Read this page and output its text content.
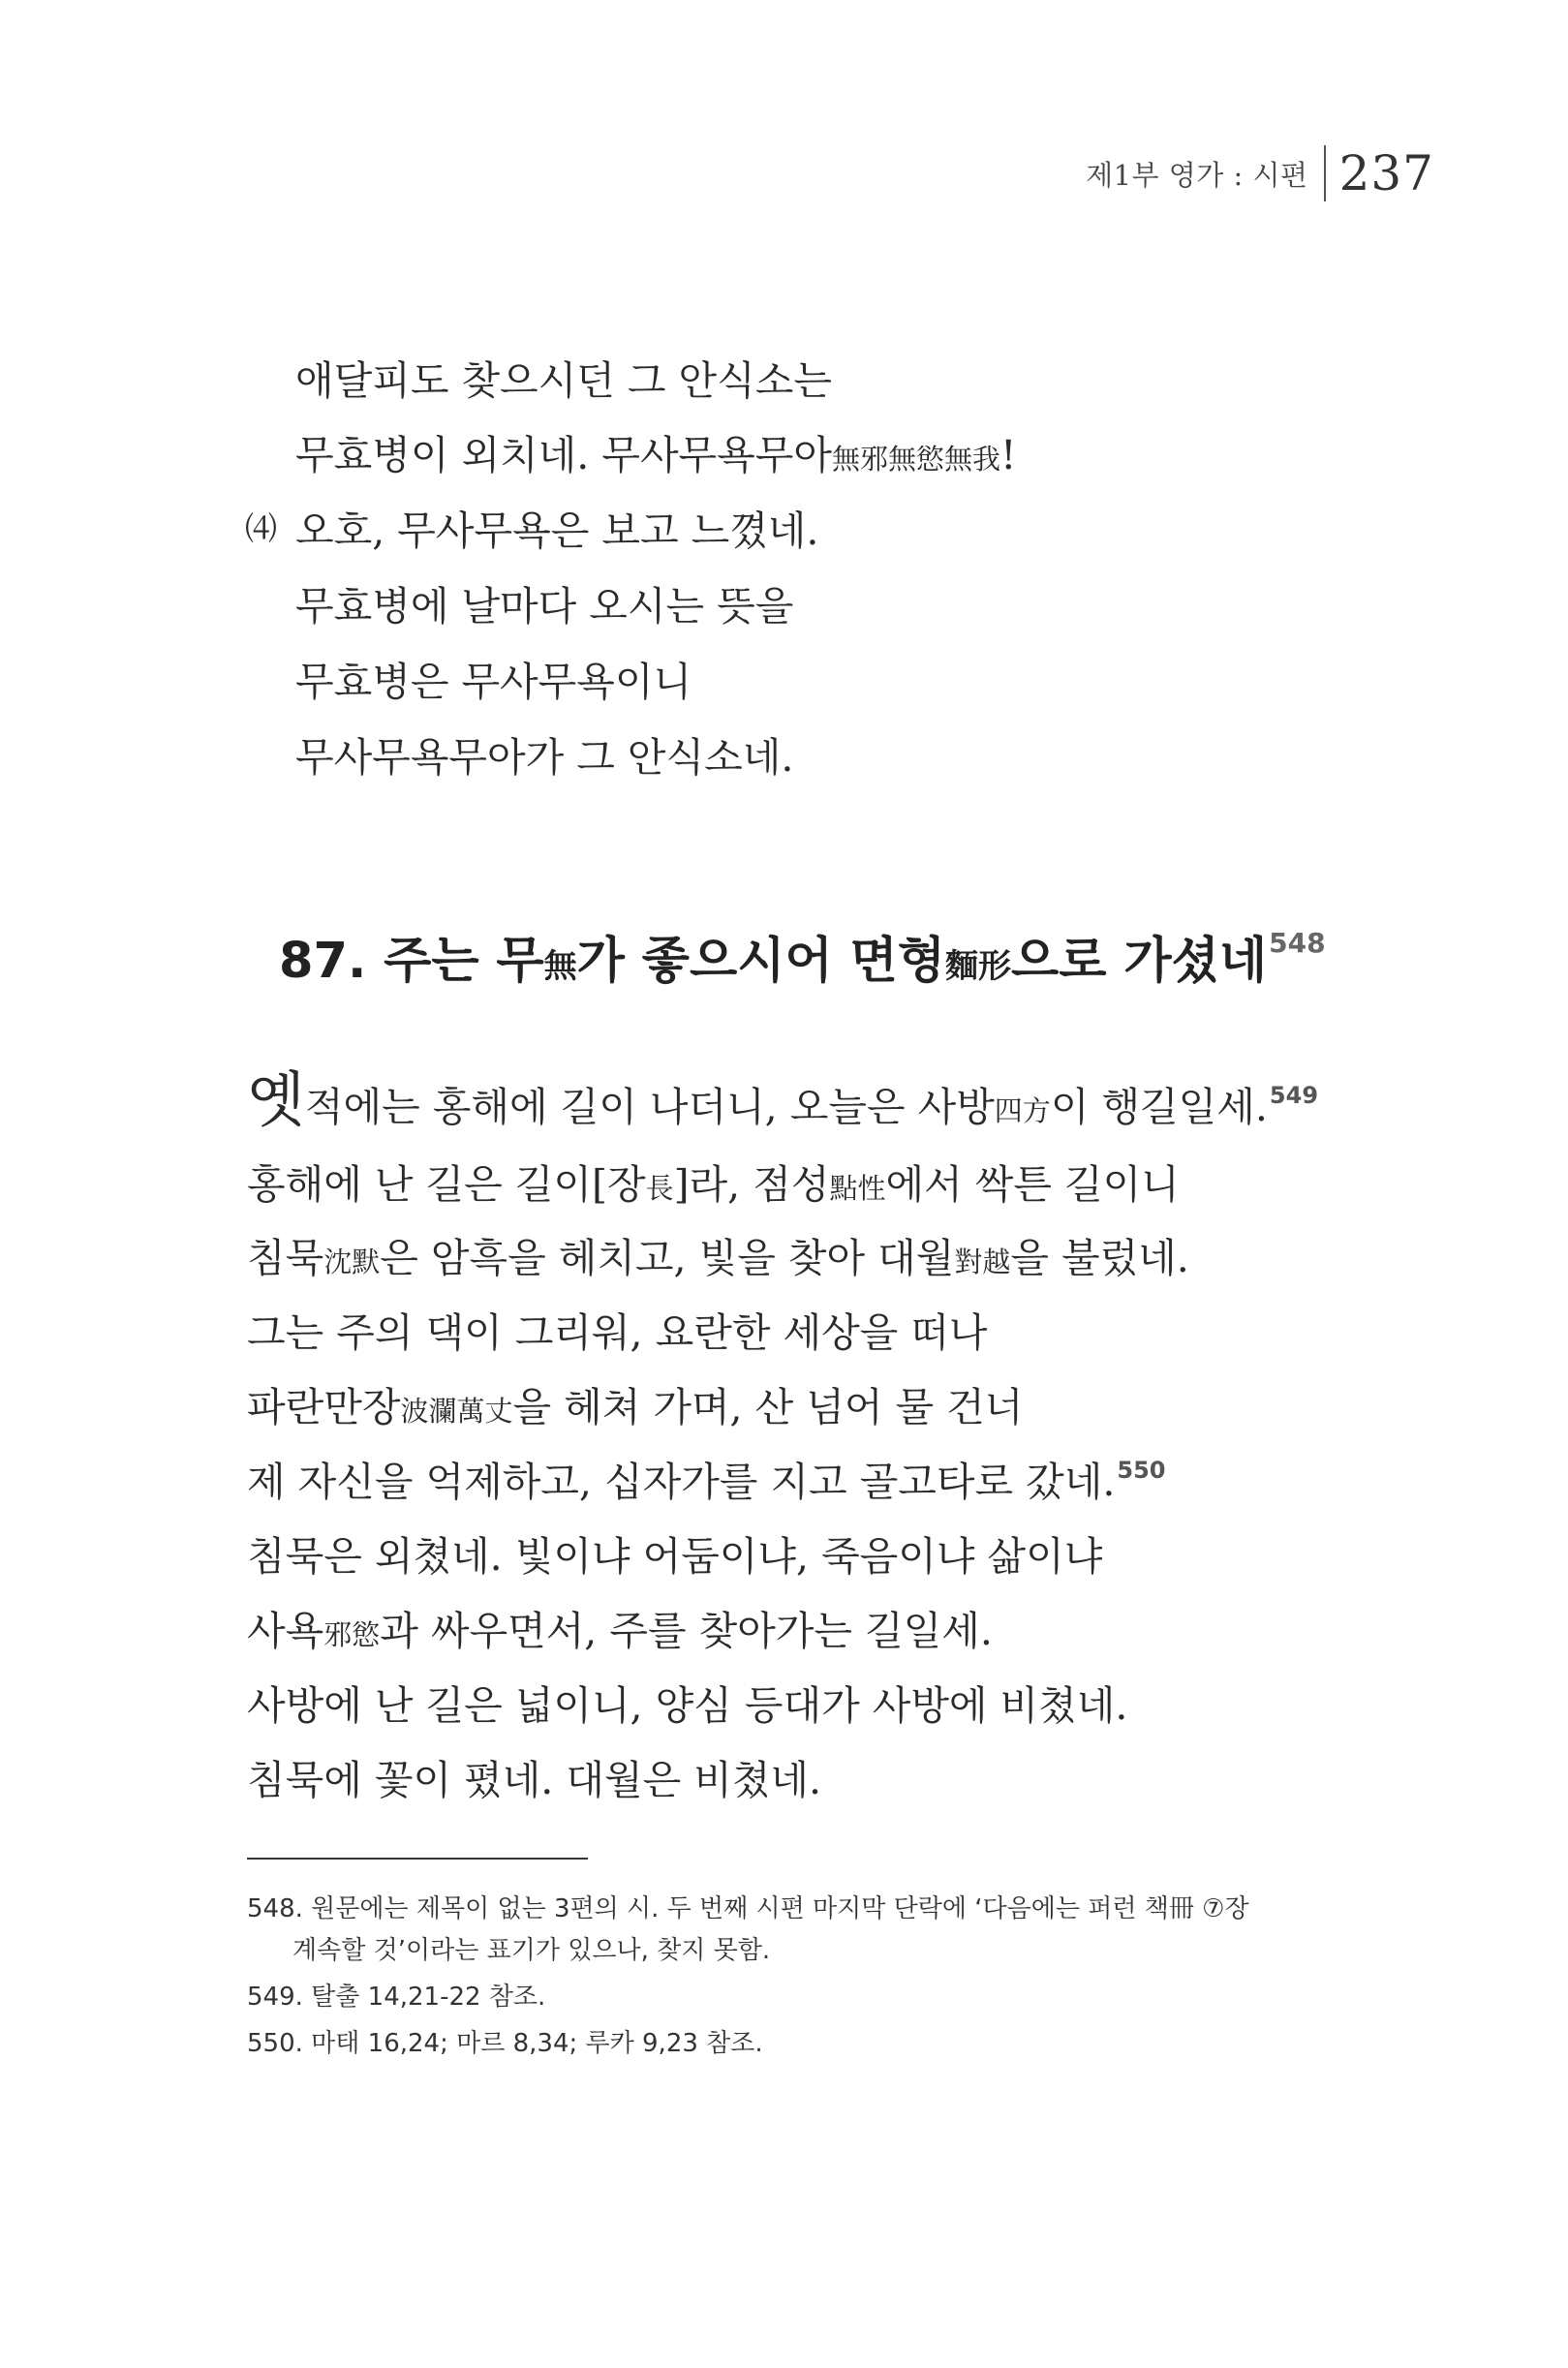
제1부 영가 : 시편 237
애달피도 찾으시던 그 안식소는
무효병이 외치네. 무사무욕무아無邪無慾無我!
⑷ 오호, 무사무욕은 보고 느꼈네.
무효병에 날마다 오시는 뜻을
무효병은 무사무욕이니
무사무욕무아가 그 안식소네.
87. 주는 무無가 좋으시어 면형麵形으로 가셨네$^{548}$
옛적에는 홍해에 길이 나더니, 오늘은 사방四方이 행길일세.$^{549}$
홍해에 난 길은 길이[장長]라, 점성點性에서 싹튼 길이니
침묵沈默은 암흑을 헤치고, 빛을 찾아 대월對越을 불렀네.
그는 주의 댁이 그리워, 요란한 세상을 떠나
파란만장波瀾萬丈을 헤쳐 가며, 산 넘어 물 건너
제 자신을 억제하고, 십자가를 지고 골고타로 갔네.$^{550}$
침묵은 외쳤네. 빛이냐 어둠이냐, 죽음이냐 삶이냐
사욕邪慾과 싸우면서, 주를 찾아가는 길일세.
사방에 난 길은 넓이니, 양심 등대가 사방에 비쳤네.
침묵에 꽃이 폈네. 대월은 비쳤네.
548. 원문에는 제목이 없는 3편의 시. 두 번째 시편 마지막 단락에 ‘다음에는 퍼런 책冊 ⑦장
계속할 것’이라는 표기가 있으나, 찾지 못함.
549. 탈출 14,21-22 참조.
550. 마태 16,24; 마르 8,34; 루카 9,23 참조.
